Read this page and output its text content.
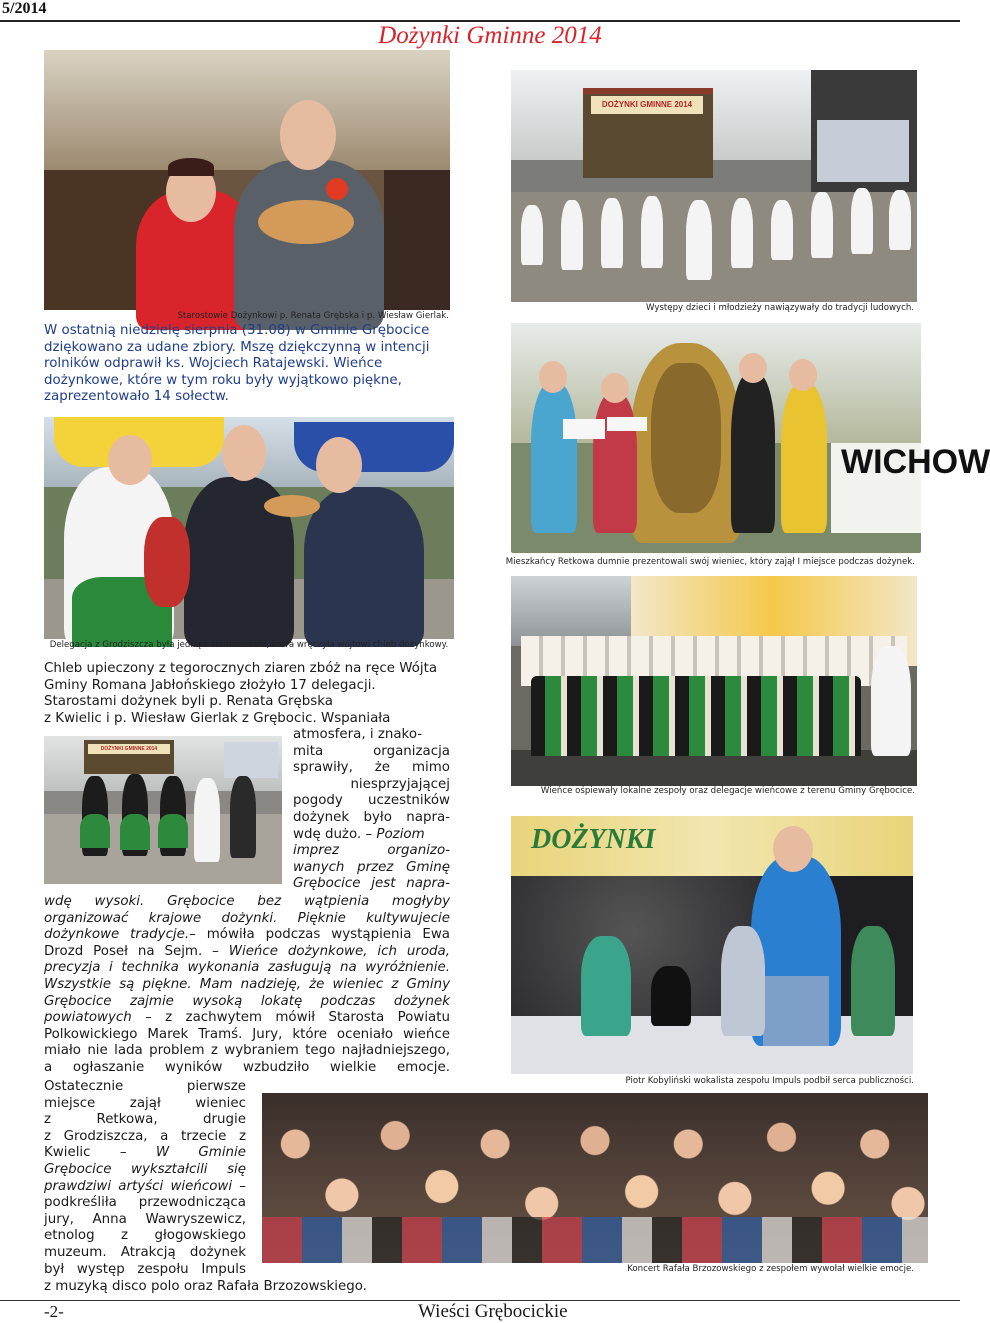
5/2014
Dożynki Gminne 2014
Starostowie Dożynkowi p. Renata Grębska i p. Wiesław Gierlak.
DOŻYNKI GMINNE 2014
Występy dzieci i młodzieży nawiązywały do tradycji ludowych.
W ostatnią niedzielę sierpnia (31.08) w Gminie Grębocice
dziękowano za udane zbiory. Mszę dziękczynną w intencji
rolników odprawił ks. Wojciech Ratajewski. Wieńce
dożynkowe, które w tym roku były wyjątkowo piękne,
zaprezentowało 14 sołectw.
WICHOW
Mieszkańcy Retkowa dumnie prezentowali swój wieniec, który zajął I miejsce podczas dożynek.
Delegacja z Grodziszcza była jedną z siedemnastu, która wręczyła wójtowi chleb dożynkowy.
Wieńce ośpiewały lokalne zespoły oraz delegacje wieńcowe z terenu Gminy Grębocice.
Chleb upieczony z tegorocznych ziaren zbóż na ręce Wójta
Gminy Romana Jabłońskiego złożyło 17 delegacji.
Starostami dożynek byli p. Renata Grębska
z Kwielic i p. Wiesław Gierlak z Grębocic. Wspaniała
DOŻYNKI GMINNE 2014
atmosfera, i znako-
mita organizacja
sprawiły, że mimo
niesprzyjającej
pogody uczestników
dożynek było napra-
wdę dużo. – Poziom
imprez organizo-
wanych przez Gminę
Grębocice jest napra-
wdę wysoki. Grębocice bez wątpienia mogłyby
organizować krajowe dożynki. Pięknie kultywujecie
dożynkowe tradycje.– mówiła podczas wystąpienia Ewa
Drozd Poseł na Sejm. – Wieńce dożynkowe, ich uroda,
precyzja i technika wykonania zasługują na wyróżnienie.
Wszystkie są piękne. Mam nadzieję, że wieniec z Gminy
Grębocice zajmie wysoką lokatę podczas dożynek
powiatowych – z zachwytem mówił Starosta Powiatu
Polkowickiego Marek Tramś. Jury, które oceniało wieńce
miało nie lada problem z wybraniem tego najładniejszego,
a ogłaszanie wyników wzbudziło wielkie emocje.
DOŻYNKI
Piotr Kobyliński wokalista zespołu Impuls podbił serca publiczności.
Koncert Rafała Brzozowskiego z zespołem wywołał wielkie emocje.
Ostatecznie pierwsze
miejsce zajął wieniec
z Retkowa, drugie
z Grodziszcza, a trzecie z
Kwielic – W Gminie
Grębocice wykształcili się
prawdziwi artyści wieńcowi –
podkreśliła przewodnicząca
jury, Anna Wawryszewicz,
etnolog z głogowskiego
muzeum. Atrakcją dożynek
był występ zespołu Impuls
z muzyką disco polo oraz Rafała Brzozowskiego.
-2-	Wieści Grębocickie
